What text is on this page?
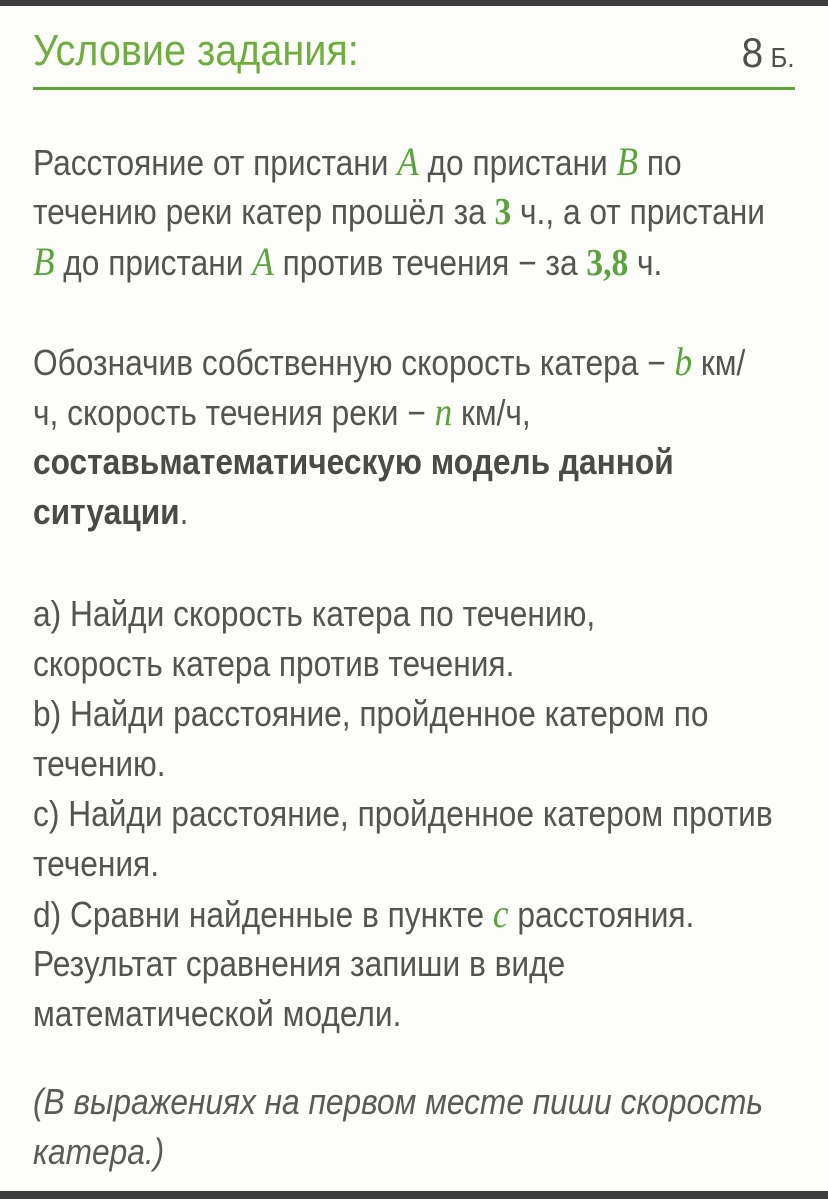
Условие задания:	8 Б.
Расстояние от пристани A до пристани B по
течению реки катер прошёл за 3 ч., а от пристани
B до пристани A против течения − за 3,8 ч.
Обозначив собственную скорость катера − b км/
ч, скорость течения реки − n км/ч,
составьматематическую модель данной
ситуации.
a) Найди скорость катера по течению,
скорость катера против течения.
b) Найди расстояние, пройденное катером по
течению.
c) Найди расстояние, пройденное катером против
течения.
d) Сравни найденные в пункте c расстояния.
Результат сравнения запиши в виде
математической модели.
(В выражениях на первом месте пиши скорость
катера.)
